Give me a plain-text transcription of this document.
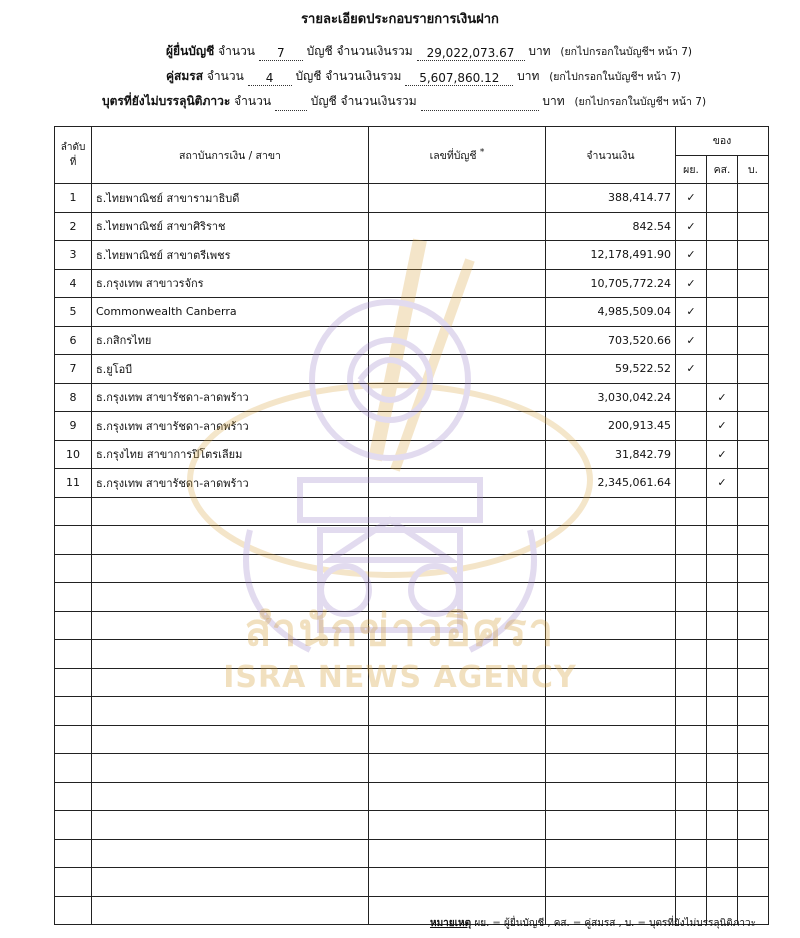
รายละเอียดประกอบรายการเงินฝาก
ผู้ยื่นบัญชี จำนวน 7 บัญชี จำนวนเงินรวม 29,022,073.67 บาท (ยกไปกรอกในบัญชีฯ หน้า 7)
คู่สมรส จำนวน 4 บัญชี จำนวนเงินรวม 5,607,860.12 บาท (ยกไปกรอกในบัญชีฯ หน้า 7)
บุตรที่ยังไม่บรรลุนิติภาวะ จำนวน	บัญชี จำนวนเงินรวม	บาท (ยกไปกรอกในบัญชีฯ หน้า 7)
ลำดับ ที่	สถาบันการเงิน / สาขา	เลขที่บัญชี *	จำนวนเงิน	ของ		
				ผย.	คส.	บ.
1	ธ.ไทยพาณิชย์ สาขารามาธิบดี		388,414.77	✓		
2	ธ.ไทยพาณิชย์ สาขาศิริราช		842.54	✓		
3	ธ.ไทยพาณิชย์ สาขาตรีเพชร		12,178,491.90	✓		
4	ธ.กรุงเทพ สาขาวรจักร		10,705,772.24	✓		
5	Commonwealth Canberra		4,985,509.04	✓		
6	ธ.กสิกรไทย		703,520.66	✓		
7	ธ.ยูโอบี		59,522.52	✓		
8	ธ.กรุงเทพ สาขารัชดา-ลาดพร้าว		3,030,042.24		✓	
9	ธ.กรุงเทพ สาขารัชดา-ลาดพร้าว		200,913.45		✓	
10	ธ.กรุงไทย สาขาการปิโตรเลียม		31,842.79		✓	
11	ธ.กรุงเทพ สาขารัชดา-ลาดพร้าว		2,345,061.64		✓	

หมายเหตุ ผย. = ผู้ยื่นบัญชี , คส. = คู่สมรส , บ. = บุตรที่ยังไม่บรรลุนิติภาวะ
สำนักข่าวอิศรา
ISRA NEWS AGENCY
